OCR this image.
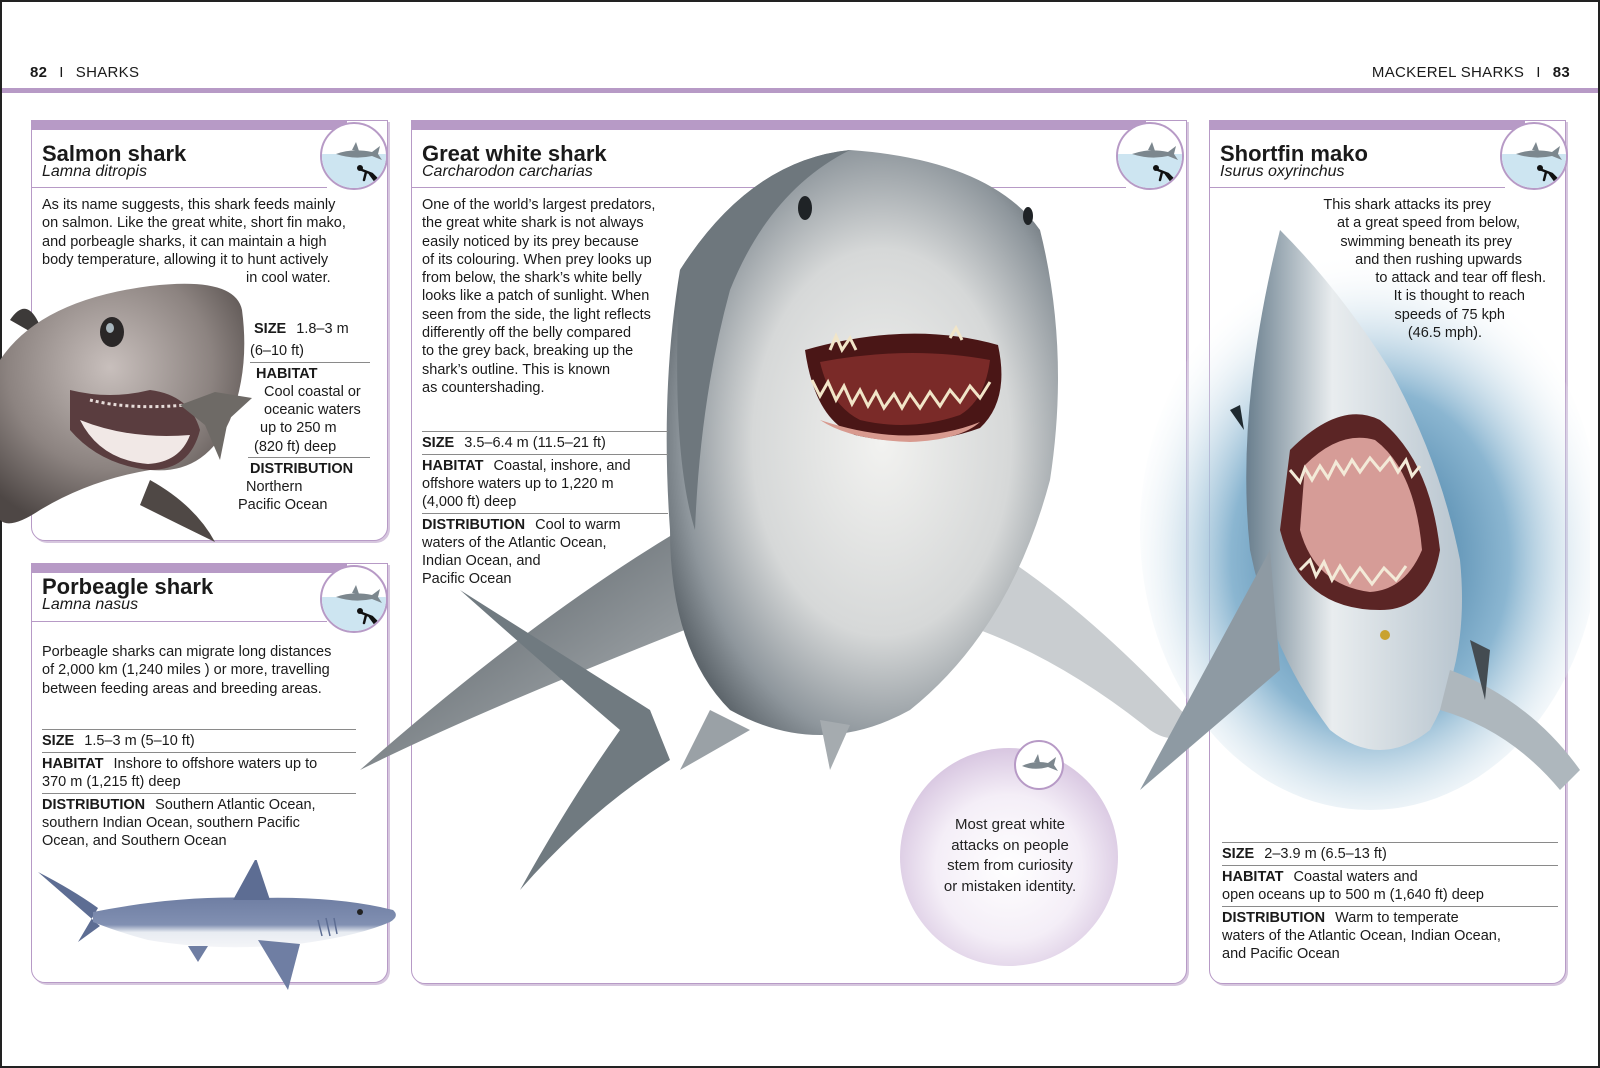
82 I SHARKS	MACKEREL SHARKS I 83
Salmon shark
Lamna ditropis
As its name suggests, this shark feeds mainly
on salmon. Like the great white, short fin mako,
and porbeagle sharks, it can maintain a high
body temperature, allowing it to hunt actively
in cool water.
SIZE 1.8–3 m
(6–10 ft)
HABITAT
Cool coastal or
oceanic waters
up to 250 m
(820 ft) deep
DISTRIBUTION
Northern
Pacific Ocean
Porbeagle shark
Lamna nasus
Porbeagle sharks can migrate long distances
of 2,000 km (1,240 miles ) or more, travelling
between feeding areas and breeding areas.
SIZE 1.5–3 m (5–10 ft)
HABITAT Inshore to offshore waters up to
370 m (1,215 ft) deep
DISTRIBUTION Southern Atlantic Ocean,
southern Indian Ocean, southern Pacific
Ocean, and Southern Ocean
Great white shark
Carcharodon carcharias
One of the world’s largest predators,
the great white shark is not always
easily noticed by its prey because
of its colouring. When prey looks up
from below, the shark’s white belly
looks like a patch of sunlight. When
seen from the side, the light reflects
differently off the belly compared
to the grey back, breaking up the
shark’s outline. This is known
as countershading.
SIZE 3.5–6.4 m (11.5–21 ft)
HABITAT Coastal, inshore, and
offshore waters up to 1,220 m
(4,000 ft) deep
DISTRIBUTION Cool to warm
waters of the Atlantic Ocean,
Indian Ocean, and
Pacific Ocean
Most great white
attacks on people
stem from curiosity
or mistaken identity.
Shortfin mako
Isurus oxyrinchus
This shark attacks its prey
at a great speed from below,
swimming beneath its prey
and then rushing upwards
to attack and tear off flesh.
It is thought to reach
speeds of 75 kph
(46.5 mph).
SIZE 2–3.9 m (6.5–13 ft)
HABITAT Coastal waters and
open oceans up to 500 m (1,640 ft) deep
DISTRIBUTION Warm to temperate
waters of the Atlantic Ocean, Indian Ocean,
and Pacific Ocean
